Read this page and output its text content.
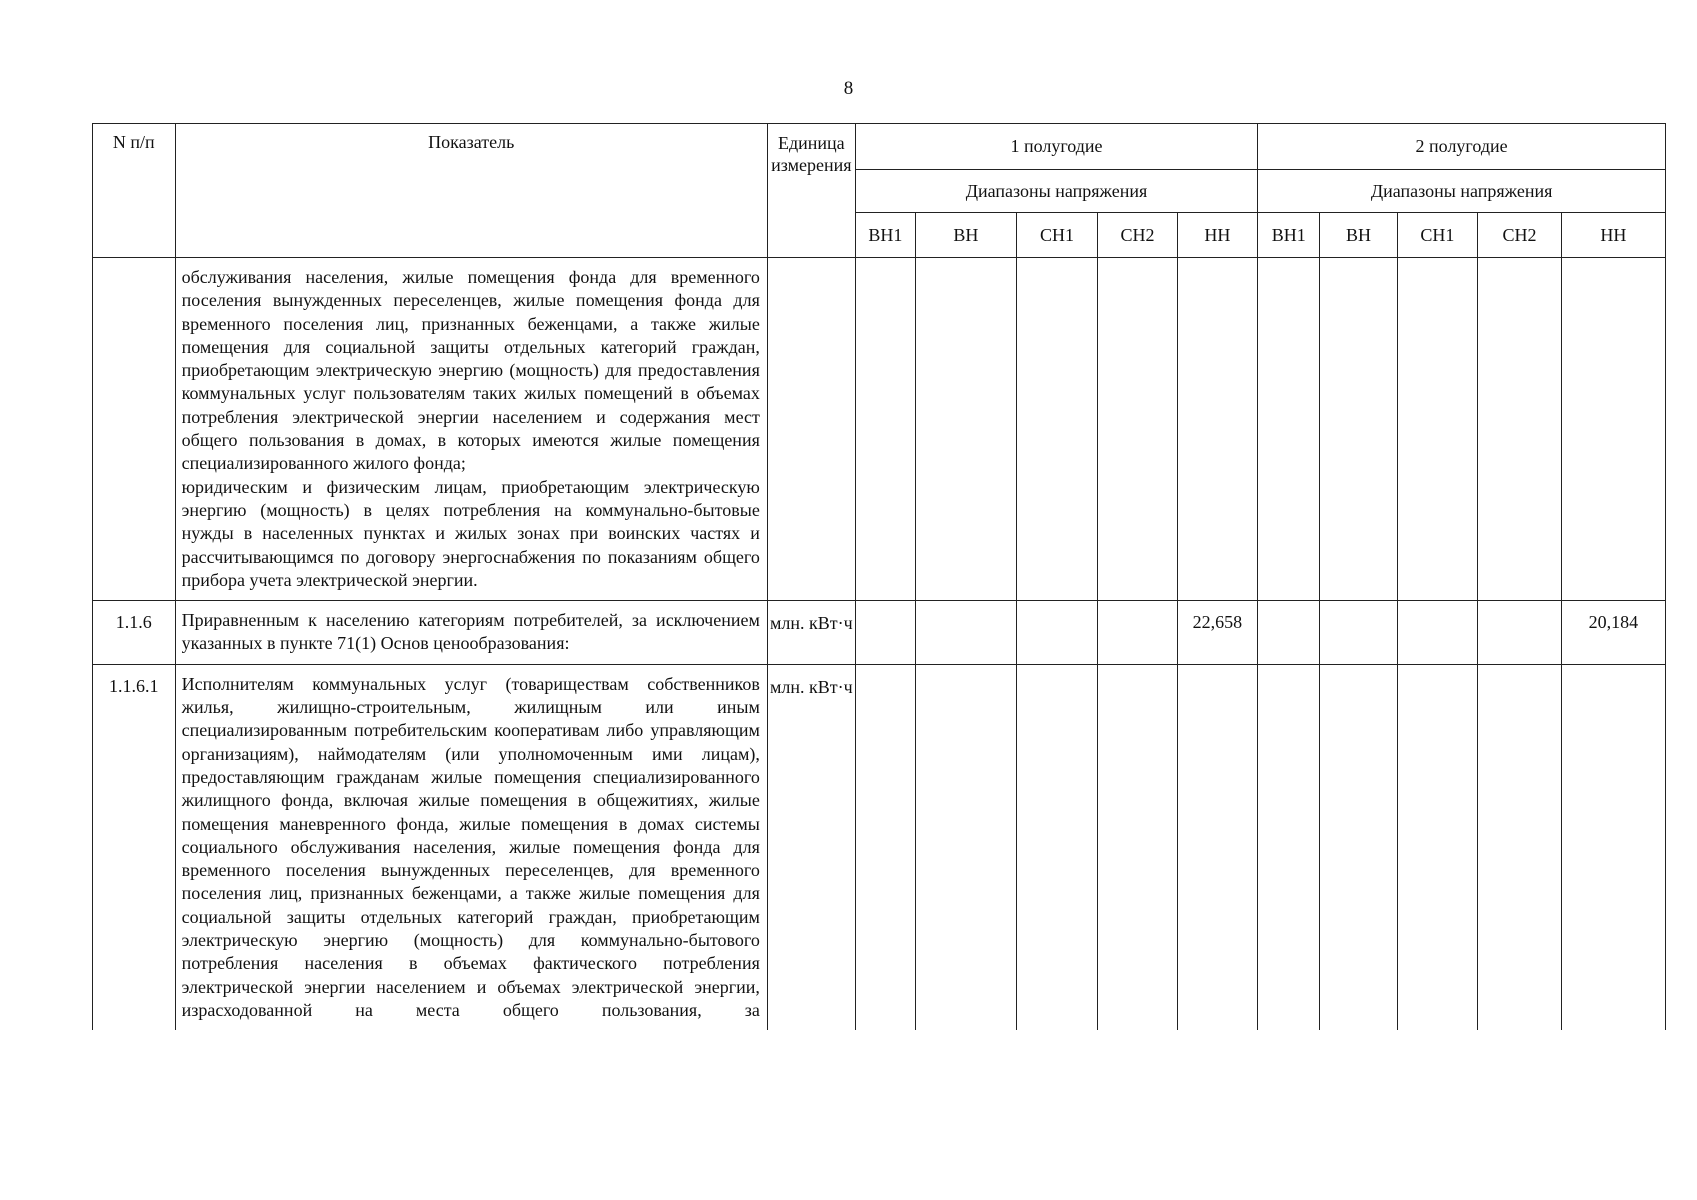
8
N п/п	Показатель	Единица измерения	1 полугодие					2 полугодие				
			Диапазоны напряжения					Диапазоны напряжения				
			ВН1	ВН	СН1	СН2	НН	ВН1	ВН	СН1	СН2	НН

	обслуживания населения, жилые помещения фонда для временного поселения вынужденных переселенцев, жилые помещения фонда для временного поселения лиц, признанных беженцами, а также жилые помещения для социальной защиты отдельных категорий граждан, приобретающим электрическую энергию (мощность) для предоставления коммунальных услуг пользователям таких жилых помещений в объемах потребления электрической энергии населением и содержания мест общего пользования в домах, в которых имеются жилые помещения специализированного жилого фонда;

юридическим и физическим лицам, приобретающим электрическую энергию (мощность) в целях потребления на коммунально-бытовые нужды в населенных пунктах и жилых зонах при воинских частях и рассчитывающимся по договору энергоснабжения по показаниям общего прибора учета электрической энергии.											

1.1.6	Приравненным к населению категориям потребителей, за исключением указанных в пункте 71(1) Основ ценообразования:	млн. кВт·ч					22,658					20,184
1.1.6.1	Исполнителям коммунальных услуг (товариществам собственников жилья, жилищно-строительным, жилищным или иным специализированным потребительским кооперативам либо управляющим организациям), наймодателям (или уполномоченным ими лицам), предоставляющим гражданам жилые помещения специализированного жилищного фонда, включая жилые помещения в общежитиях, жилые помещения маневренного фонда, жилые помещения в домах системы социального обслуживания населения, жилые помещения фонда для временного поселения вынужденных переселенцев, для временного поселения лиц, признанных беженцами, а также жилые помещения для социальной защиты отдельных категорий граждан, приобретающим электрическую энергию (мощность) для коммунально-бытового потребления населения в объемах фактического потребления электрической энергии населением и объемах электрической энергии, израсходованной на места общего пользования, за	млн. кВт·ч										
